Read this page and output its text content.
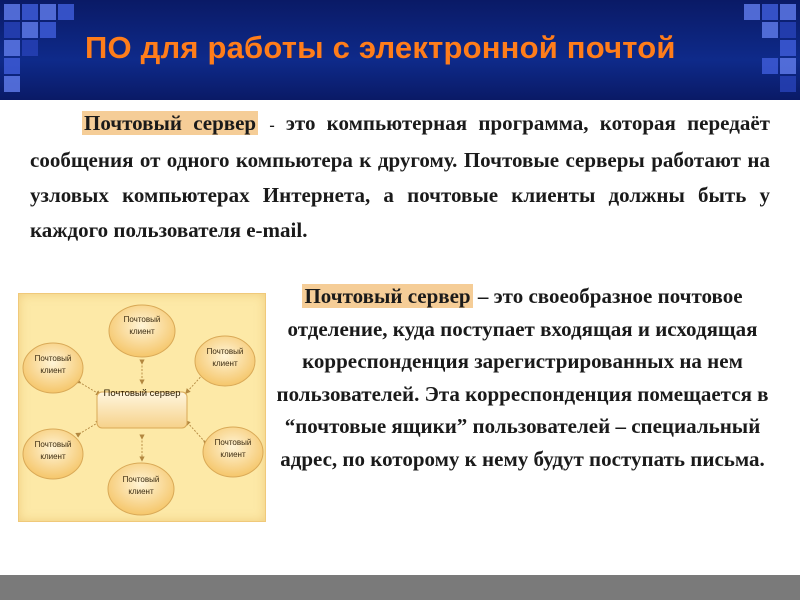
ПО для работы с электронной почтой
Почтовый сервер - это компьютерная программа, которая передаёт сообщения от одного компьютера к другому. Почтовые серверы работают на узловых компьютерах Интернета, а почтовые клиенты должны быть у каждого пользователя e-mail.
Почтовый сервер
Почтовый
клиент
Почтовый
клиент
Почтовый
клиент
Почтовый
клиент
Почтовый
клиент
Почтовый
клиент
Почтовый сервер – это своеобразное почтовое отделение, куда поступает входящая и исходящая корреспонденция зарегистрированных на нем пользователей. Эта корреспонденция помещается в “почтовые ящики” пользователей – специальный адрес, по которому к нему будут поступать письма.
